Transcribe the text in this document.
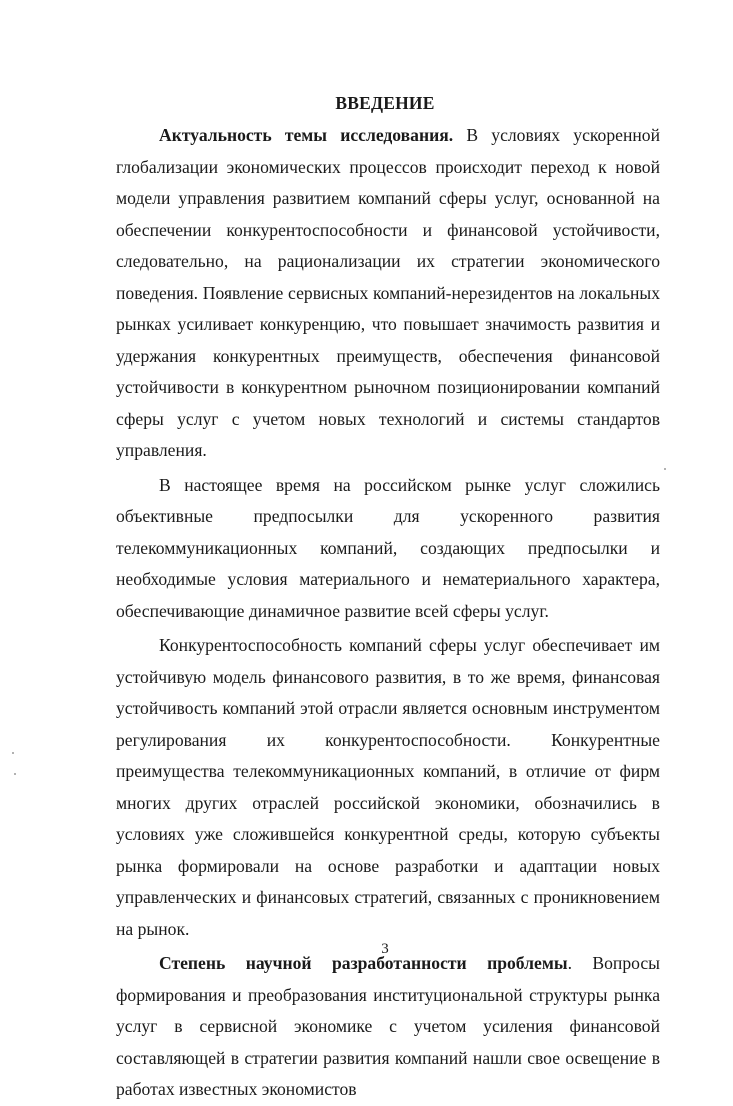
ВВЕДЕНИЕ

Актуальность темы исследования. В условиях ускоренной глобализации экономических процессов происходит переход к новой модели управления развитием компаний сферы услуг, основанной на обеспечении конкурентоспособности и финансовой устойчивости, следовательно, на рационализации их стратегии экономического поведения. Появление сервисных компаний-нерезидентов на локальных рынках усиливает конкуренцию, что повышает значимость развития и удержания конкурентных преимуществ, обеспечения финансовой устойчивости в конкурентном рыночном позиционировании компаний сферы услуг с учетом новых технологий и системы стандартов управления.

В настоящее время на российском рынке услуг сложились объективные предпосылки для ускоренного развития телекоммуникационных компаний, создающих предпосылки и необходимые условия материального и нематериального характера, обеспечивающие динамичное развитие всей сферы услуг.

Конкурентоспособность компаний сферы услуг обеспечивает им устойчивую модель финансового развития, в то же время, финансовая устойчивость компаний этой отрасли является основным инструментом регулирования их конкурентоспособности. Конкурентные преимущества телекоммуникационных компаний, в отличие от фирм многих других отраслей российской экономики, обозначились в условиях уже сложившейся конкурентной среды, которую субъекты рынка формировали на основе разработки и адаптации новых управленческих и финансовых стратегий, связанных с проникновением на рынок.

Степень научной разработанности проблемы. Вопросы формирования и преобразования институциональной структуры рынка услуг в сервисной экономике с учетом усиления финансовой составляющей в стратегии развития компаний нашли свое освещение в работах известных экономистов

3
